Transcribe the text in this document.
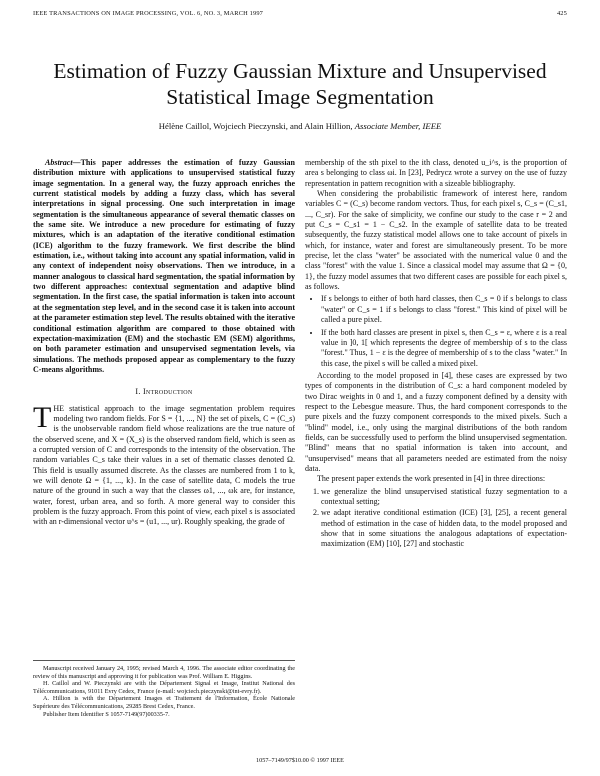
IEEE TRANSACTIONS ON IMAGE PROCESSING, VOL. 6, NO. 3, MARCH 1997	425
Estimation of Fuzzy Gaussian Mixture and Unsupervised Statistical Image Segmentation
Hélène Caillol, Wojciech Pieczynski, and Alain Hillion, Associate Member, IEEE
Abstract—This paper addresses the estimation of fuzzy Gaussian distribution mixture with applications to unsupervised statistical fuzzy image segmentation. In a general way, the fuzzy approach enriches the current statistical models by adding a fuzzy class, which has several interpretations in signal processing. One such interpretation in image segmentation is the simultaneous appearance of several thematic classes on the same site. We introduce a new procedure for estimating of fuzzy mixtures, which is an adaptation of the iterative conditional estimation (ICE) algorithm to the fuzzy framework. We first describe the blind estimation, i.e., without taking into account any spatial information, valid in any context of independent noisy observations. Then we introduce, in a manner analogous to classical hard segmentation, the spatial information by two different approaches: contextual segmentation and adaptive blind segmentation. In the first case, the spatial information is taken into account at the segmentation step level, and in the second case it is taken into account at the parameter estimation step level. The results obtained with the iterative conditional estimation algorithm are compared to those obtained with expectation-maximization (EM) and the stochastic EM (SEM) algorithms, on both parameter estimation and unsupervised segmentation levels, via simulations. The methods proposed appear as complementary to the fuzzy C-means algorithms.
I. Introduction
THE statistical approach to the image segmentation problem requires modeling two random fields. For S = {1, ..., N} the set of pixels, C = (C_s) is the unobservable random field whose realizations are the true nature of the observed scene, and X = (X_s) is the observed random field, which is seen as a corrupted version of C and corresponds to the intensity of the observation. The random variables C_s take their values in a set of thematic classes denoted Ω. This field is usually assumed discrete. As the classes are numbered from 1 to k, we will denote Ω = {1, ..., k}. In the case of satellite data, C models the true nature of the ground in such a way that the classes ω1, ..., ωk are, for instance, water, forest, urban area, and so forth. A more general way to consider this problem is the fuzzy approach. From this point of view, each pixel s is associated with an r-dimensional vector u^s = (u1, ..., ur). Roughly speaking, the grade of
Manuscript received January 24, 1995; revised March 4, 1996. The associate editor coordinating the review of this manuscript and approving it for publication was Prof. William E. Higgins.
H. Caillol and W. Pieczynski are with the Département Signal et Image, Institut National des Télécommunications, 91011 Evry Cedex, France (e-mail: wojciech.pieczynski@int-evry.fr).
A. Hillion is with the Département Images et Traitement de l'Information, École Nationale Supérieure des Télécommunications, 29285 Brest Cedex, France.
Publisher Item Identifier S 1057-7149(97)00335-7.

membership of the sth pixel to the ith class, denoted u_i^s, is the proportion of area s belonging to class ωi. In [23], Pedrycz wrote a survey on the use of fuzzy representation in pattern recognition with a sizeable bibliography.

When considering the probabilistic framework of interest here, random variables C = (C_s) become random vectors. Thus, for each pixel s, C_s = (C_s1, ..., C_sr). For the sake of simplicity, we confine our study to the case r = 2 and put C_s = C_s1 = 1 − C_s2. In the example of satellite data to be treated subsequently, the fuzzy statistical model allows one to take account of pixels in which, for instance, water and forest are simultaneously present. To be more precise, let the class "water" be associated with the numerical value 0 and the class "forest" with the value 1. Since a classical model may assume that Ω = {0, 1}, the fuzzy model assumes that two different cases are possible for each pixel s, as follows.

• If s belongs to either of both hard classes, then C_s = 0 if s belongs to class "water" or C_s = 1 if s belongs to class "forest." This kind of pixel will be called a pure pixel.
• If the both hard classes are present in pixel s, then C_s = ε, where ε is a real value in ]0, 1[ which represents the degree of membership of s to the class "forest." Thus, 1 − ε is the degree of membership of s to the class "water." In this case, the pixel s will be called a mixed pixel.

According to the model proposed in [4], these cases are expressed by two types of components in the distribution of C_s: a hard component modeled by two Dirac weights in 0 and 1, and a fuzzy component defined by a density with respect to the Lebesgue measure. Thus, the hard component corresponds to the pure pixels and the fuzzy component corresponds to the mixed pixels. Such a "blind" model, i.e., only using the marginal distributions of the both random fields, can be successfully used to perform the blind unsupervised segmentation. "Blind" means that no spatial information is taken into account, and "unsupervised" means that all parameters needed are estimated from the noisy data.

The present paper extends the work presented in [4] in three directions:

1. we generalize the blind unsupervised statistical fuzzy segmentation to a contextual setting;
2. we adapt iterative conditional estimation (ICE) [3], [25], a recent general method of estimation in the case of hidden data, to the model proposed and show that in some situations the analogous adaptations of expectation-maximization (EM) [10], [27] and stochastic
1057–7149/97$10.00 © 1997 IEEE
